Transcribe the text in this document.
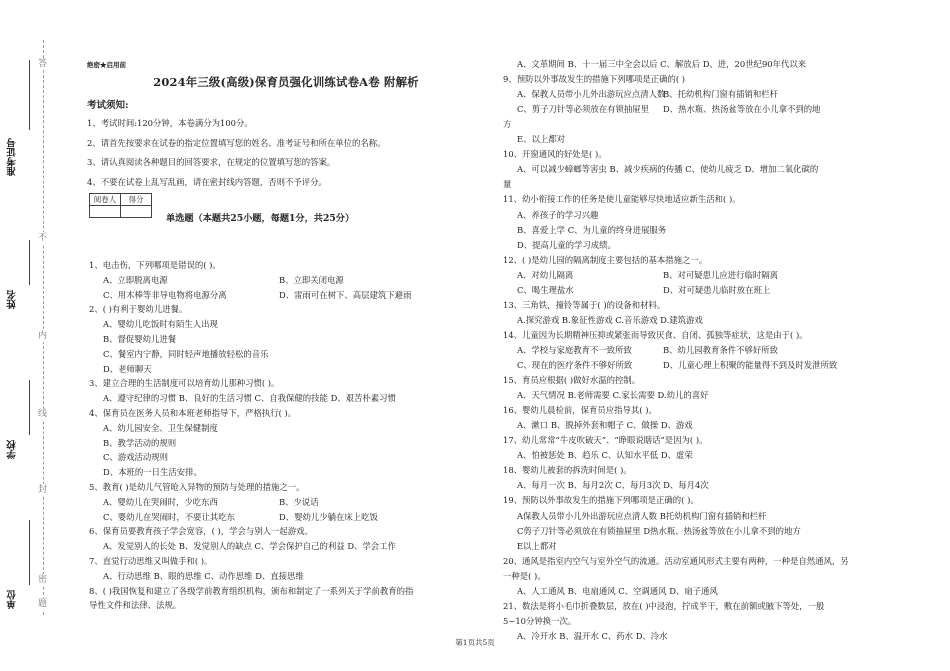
答
不
内
线
封
密
题
准考证号
姓名
学校
单位
绝密★启用前
2024年三级(高级)保育员强化训练试卷A卷 附解析
考试须知:
1、考试时间:120分钟，本卷满分为100分。
2、请首先按要求在试卷的指定位置填写您的姓名、准考证号和所在单位的名称。
3、请认真阅读各种题目的回答要求，在规定的位置填写您的答案。
4、不要在试卷上乱写乱画，请在密封线内答题，否则不予评分。
阅卷人	得分

单选题（本题共25小题，每题1分，共25分）
1、电击伤，下列哪项是错误的( )。
A、立即脱离电源	B、立即关闭电源
C、用木棒等非导电物将电源分离	D、雷雨可在树下、高层建筑下避雨
2、( )有利于婴幼儿进餐。
A、婴幼儿吃饭时有陌生人出现
B、督促婴幼儿进餐
C、餐室内宁静，同时轻声地播放轻松的音乐
D、老师聊天
3、建立合理的生活制度可以培育幼儿那种习惯( )。
A、遵守纪律的习惯 B、良好的生活习惯 C、自我保健的技能 D、艰苦朴素习惯
4、保育员在医务人员和本班老师指导下，严格执行( )。
A、幼儿园安全、卫生保健制度
B、教学活动的规则
C、游戏活动规则
D、本班的一日生活安排。
5、教育( )是幼儿气管呛入异物的预防与处理的措施之一。
A、婴幼儿在哭闹时，少吃东西	B、少说话
C、婴幼儿在哭闹时，不要让其吃东	D、婴幼儿少躺在床上吃饭
6、保育员要教育孩子学会宽容，( )，学会与别人一起游戏。
A、发觉别人的长处 B、发觉别人的缺点 C、学会保护自己的利益 D、学会工作
7、直觉行动思维又叫做手和( )。
A、行动思维 B、眼的思维 C、动作思维 D、直接思维
8、( )我国恢复和建立了各级学前教育组织机构，颁布和制定了一系列关于学前教育的指
导性文件和法律、法规。
A、文革期间 B、十一届三中全会以后 C、解放后 D、进，20世纪90年代以来
9、预防以外事故发生的措施下列哪项是正确的( )
A、保教人员带小儿外出游玩应点清人数
B、托幼机构门窗有插销和栏杆
C、剪子刀针等必须放在有锁抽屉里 D、热水瓶、热汤盆等放在小儿拿不到的地
方
E、以上都对
10、开窗通风的好处是( )。
A、可以减少蟑螂等害虫 B、减少疾病的传播 C、使幼儿疲乏 D、增加二氧化碳的
量
11、幼小衔接工作的任务是使儿童能够尽快地适应新生活和( )。
A、养孩子的学习兴趣
B、喜爱上学 C、为儿童的终身进展服务
D、提高儿童的学习成绩。
12、( )是幼儿园的隔离制度主要包括的基本措施之一。
A、对幼儿隔离	B、对可疑患儿应进行临时隔离
C、喝生理盐水	D、对可疑患儿临时放在班上
13、三角铁，撞铃等属于( )的设备和材料。
A.探究游戏 B.象征性游戏 C.音乐游戏 D.建筑游戏
14、儿童因为长期精神压抑或紧张而导致厌食、自闭、孤独等症状，这是由于( )。
A、学校与家庭教育不一致所致	B、幼儿园教育条件不够好所致
C、现在的医疗条件不够好所致	D、儿童心理上积聚的能量得不到及时发泄所致
15、育员应根据( )做好水温的控制。
A、天气情况 B.老师需要 C.家长需要 D.幼儿的喜好
16、婴幼儿晨检前，保育员应指导其( )。
A、漱口 B、脱掉外套和帽子 C、做操 D、游戏
17、幼儿常常“牛皮吹破天”、“睁眼说瞎话”是因为( )。
A、怕被惩处 B、趋乐 C、认知水平低 D、虚荣
18、婴幼儿被套的拆洗时间是( )。
A、每月一次 B、每月2次 C、每月3次 D、每月4次
19、预防以外事故发生的措施下列哪项是正确的( )。
A保教人员带小儿外出游玩应点清人数 B托幼机构门窗有插销和栏杆
C剪子刀针等必须放在有锁抽屉里 D热水瓶、热汤盆等放在小儿拿不到的地方
E以上都对
20、通风是指室内空气与室外空气的流通。活动室通风形式主要有两种，一种是自然通风，另
一种是( )。
A、人工通风 B、电扇通风 C、空调通风 D、扇子通风
21、数法是将小毛巾折叠数层，放在( )中浸泡，拧成半干，敷在前额或腋下等处，一般
5~10分钟换一次。
A、冷开水 B、温开水 C、药水 D、冷水
第1页共5页
